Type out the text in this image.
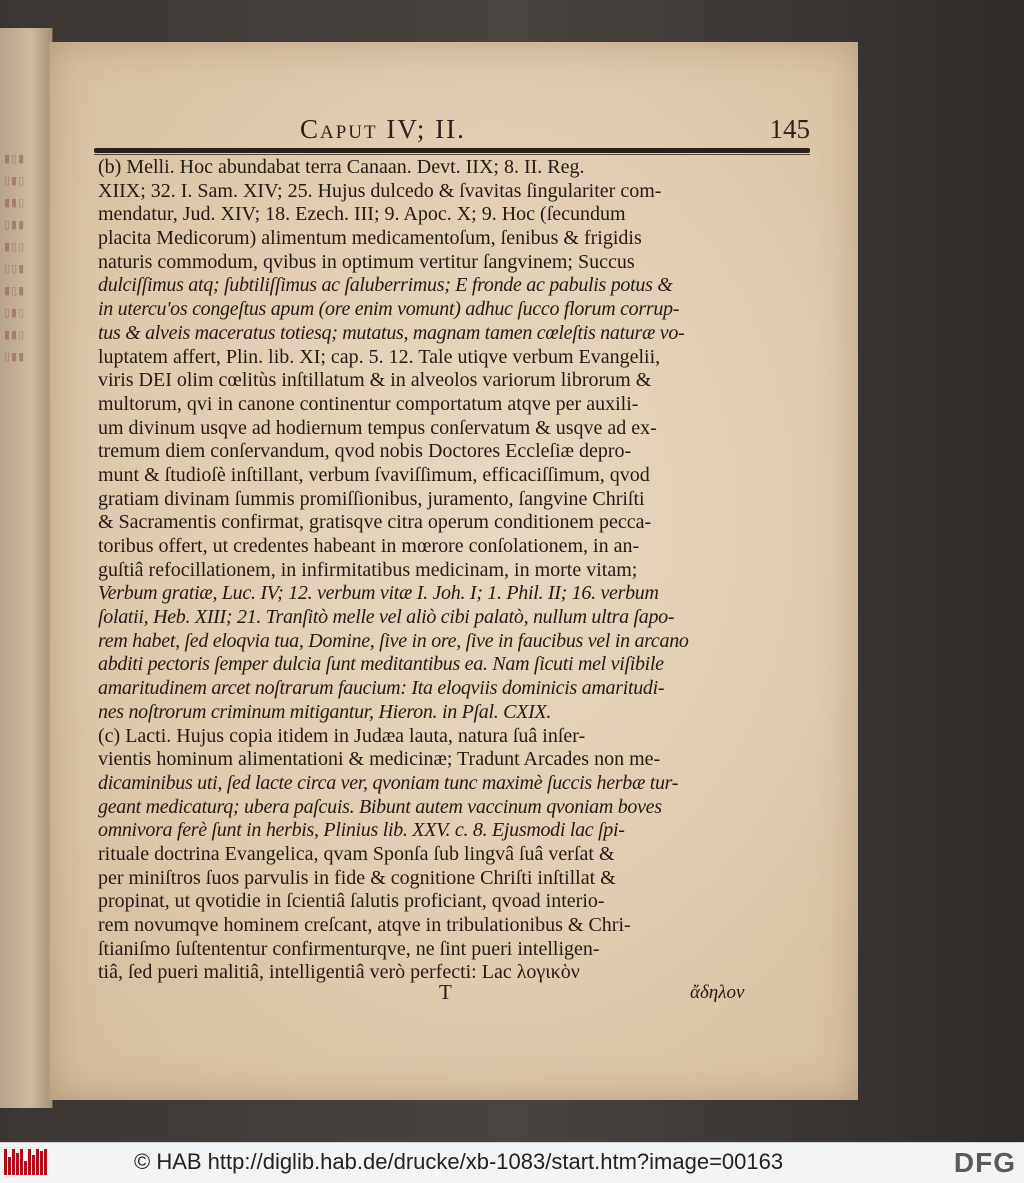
▮▯▮
▯▮▯
▮▮▯
▯▮▮
▮▯▯
▯▯▮
▮▯▮
▯▮▯
▮▮▯
▯▮▮
Caput IV; II.	145
(b) Melli. Hoc abundabat terra Canaan. Devt. IIX; 8. II. Reg.
XIIX; 32. I. Sam. XIV; 25. Hujus dulcedo & ſvavitas ſingulariter com-
mendatur, Jud. XIV; 18. Ezech. III; 9. Apoc. X; 9. Hoc (ſecundum
placita Medicorum) alimentum medicamentoſum, ſenibus & frigidis
naturis commodum, qvibus in optimum vertitur ſangvinem; Succus
dulciſſimus atq; ſubtiliſſimus ac ſaluberrimus; E fronde ac pabulis potus &
in utercu'os congeſtus apum (ore enim vomunt) adhuc ſucco florum corrup-
tus & alveis maceratus totiesq; mutatus, magnam tamen cœleſtis naturæ vo-
luptatem affert, Plin. lib. XI; cap. 5. 12. Tale utiqve verbum Evangelii,
viris DEI olim cœlitùs inſtillatum & in alveolos variorum librorum &
multorum, qvi in canone continentur comportatum atqve per auxili-
um divinum usqve ad hodiernum tempus conſervatum & usqve ad ex-
tremum diem conſervandum, qvod nobis Doctores Eccleſiæ depro-
munt & ſtudioſè inſtillant, verbum ſvaviſſimum, efficaciſſimum, qvod
gratiam divinam ſummis promiſſionibus, juramento, ſangvine Chriſti
& Sacramentis confirmat, gratisqve citra operum conditionem pecca-
toribus offert, ut credentes habeant in mœrore conſolationem, in an-
guſtiâ refocillationem, in infirmitatibus medicinam, in morte vitam;
Verbum gratiæ, Luc. IV; 12. verbum vitæ I. Joh. I; 1. Phil. II; 16. verbum
ſolatii, Heb. XIII; 21. Tranſitò melle vel aliò cibi palatò, nullum ultra ſapo-
rem habet, ſed eloqvia tua, Domine, ſive in ore, ſive in faucibus vel in arcano
abditi pectoris ſemper dulcia ſunt meditantibus ea. Nam ſicuti mel viſibile
amaritudinem arcet noſtrarum faucium: Ita eloqviis dominicis amaritudi-
nes noſtrorum criminum mitigantur, Hieron. in Pſal. CXIX.
(c) Lacti. Hujus copia itidem in Judæa lauta, natura ſuâ inſer-
vientis hominum alimentationi & medicinæ; Tradunt Arcades non me-
dicaminibus uti, ſed lacte circa ver, qvoniam tunc maximè ſuccis herbæ tur-
geant medicaturq; ubera paſcuis. Bibunt autem vaccinum qvoniam boves
omnivora ferè ſunt in herbis, Plinius lib. XXV. c. 8. Ejusmodi lac ſpi-
rituale doctrina Evangelica, qvam Sponſa ſub lingvâ ſuâ verſat &
per miniſtros ſuos parvulis in fide & cognitione Chriſti inſtillat &
propinat, ut qvotidie in ſcientiâ ſalutis proficiant, qvoad interio-
rem novumqve hominem creſcant, atqve in tribulationibus & Chri-
ſtianiſmo ſuſtententur confirmenturqve, ne ſint pueri intelligen-
tiâ, ſed pueri malitiâ, intelligentiâ verò perfecti: Lac λογικὸν
T	ἄδηλον
© HAB http://diglib.hab.de/drucke/xb-1083/start.htm?image=00163	DFG
